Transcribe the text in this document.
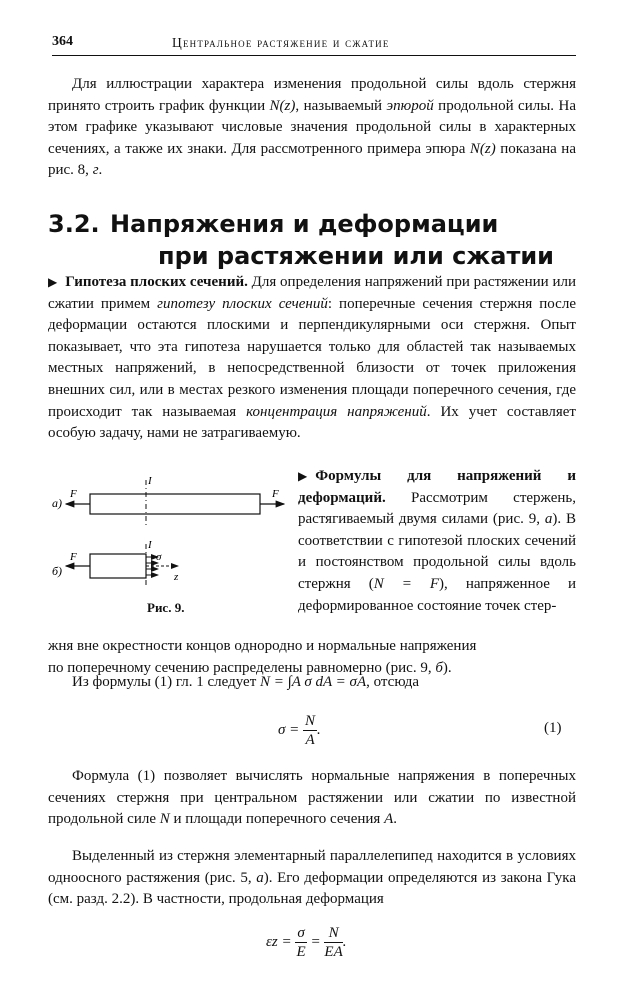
364	Центральное растяжение и сжатие
Для иллюстрации характера изменения продольной силы вдоль стержня принято строить график функции N(z), называемый эпюрой продольной силы. На этом графике указывают числовые значения продольной силы в характерных сечениях, а также их знаки. Для рассмотренного примера эпюра N(z) показана на рис. 8, г.
3.2. Напряжения и деформации
при растяжении или сжатии
▶ Гипотеза плоских сечений. Для определения напряжений при растяжении или сжатии примем гипотезу плоских сечений: поперечные сечения стержня после деформации остаются плоскими и перпендикулярными оси стержня. Опыт показывает, что эта гипотеза нарушается только для областей так называемых местных напряжений, в непосредственной близости от точек приложения внешних сил, или в местах резкого изменения площади поперечного сечения, где происходит так называемая концентрация напряжений. Их учет составляет особую задачу, нами не затрагиваемую.
а)
F	F
I
б)
F
I
σ
z
Рис. 9.
▶ Формулы для напряжений и деформаций. Рассмотрим стержень, растягиваемый двумя силами (рис. 9, а). В соответствии с гипотезой плоских сечений и постоянством продольной силы вдоль стержня (N = F), напряженное и деформированное состояние точек стер-
жня вне окрестности концов однородно и нормальные напряжения
по поперечному сечению распределены равномерно (рис. 9, б).
Из формулы (1) гл. 1 следует N = ∫A σ dA = σA, отсюда
$\sigma = \frac{N}{A}$ .	(1)
Формула (1) позволяет вычислять нормальные напряжения в поперечных сечениях стержня при центральном растяжении или сжатии по известной продольной силе N и площади поперечного сечения A.
Выделенный из стержня элементарный параллелепипед находится в условиях одноосного растяжения (рис. 5, а). Его деформации определяются из закона Гука (см. разд. 2.2). В частности, продольная деформация
$\varepsilon z = \frac{\sigma}{E} = \frac{N}{EA}$ .
